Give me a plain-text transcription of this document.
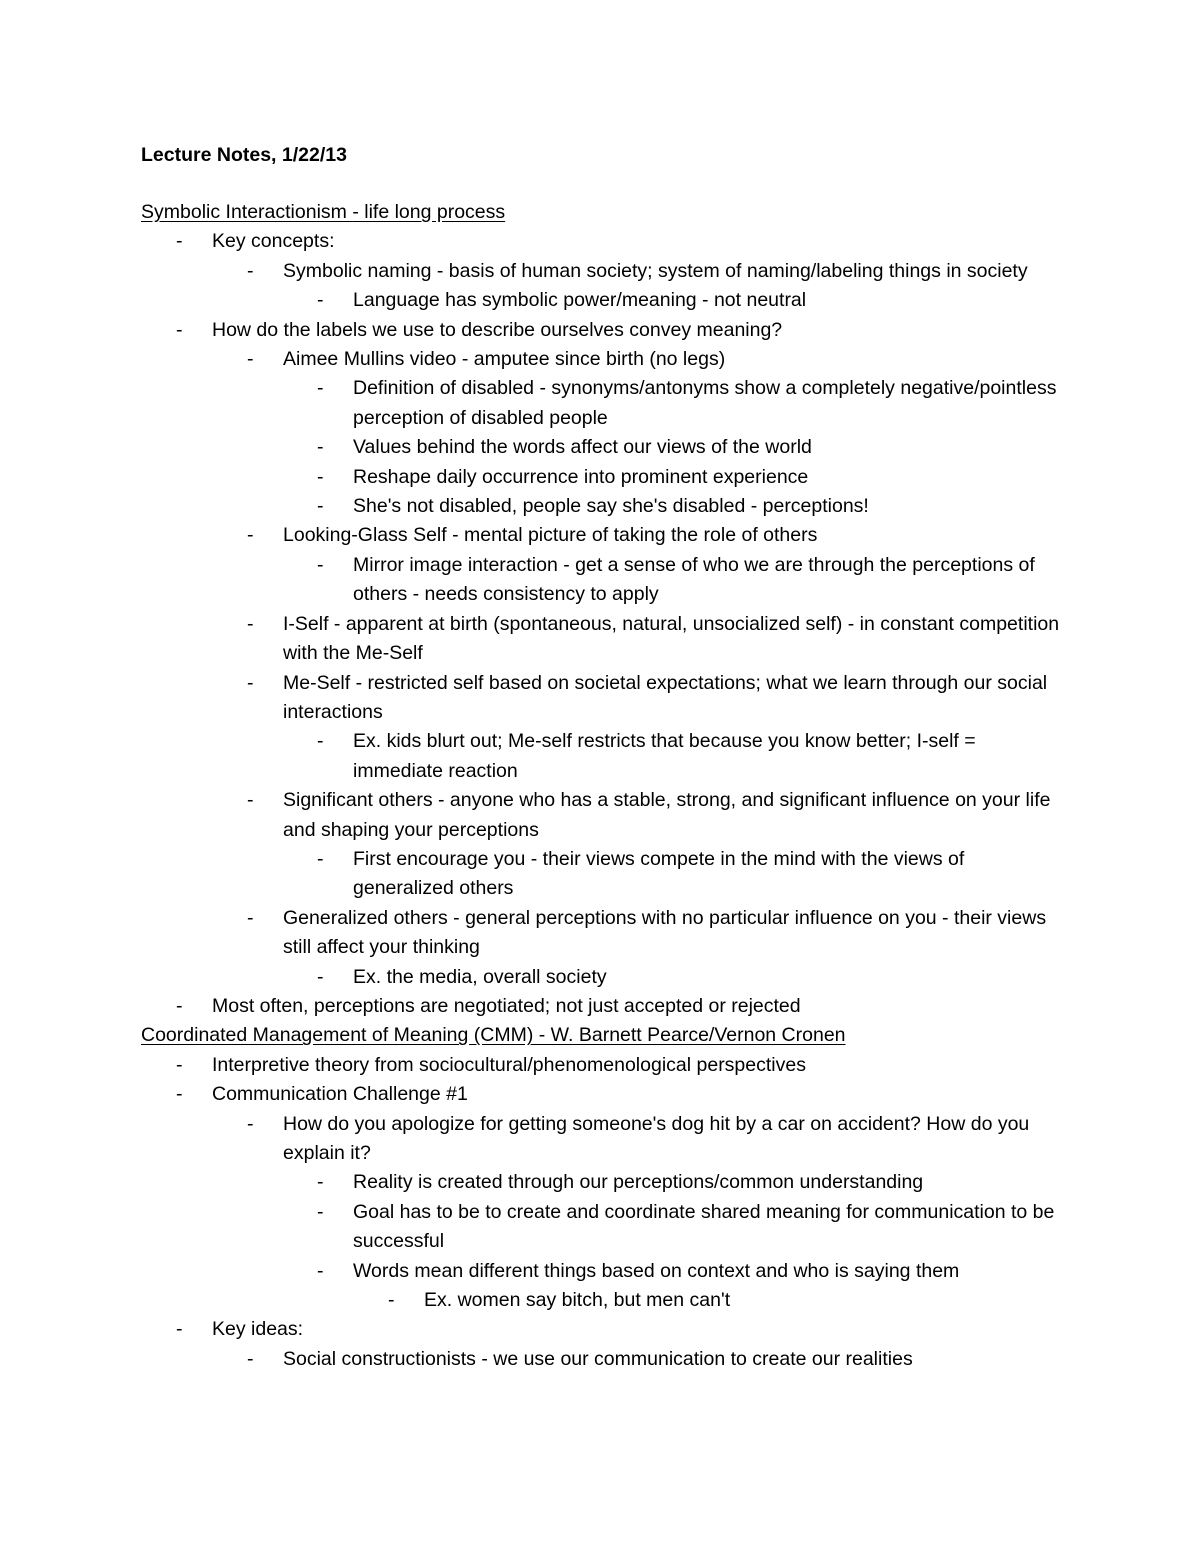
Lecture Notes, 1/22/13

Symbolic Interactionism - life long process

- Key concepts:

- Symbolic naming - basis of human society; system of naming/labeling things in society

- Language has symbolic power/meaning - not neutral

- How do the labels we use to describe ourselves convey meaning?

- Aimee Mullins video - amputee since birth (no legs)

- Definition of disabled - synonyms/antonyms show a completely negative/pointless perception of disabled people

- Values behind the words affect our views of the world

- Reshape daily occurrence into prominent experience

- She's not disabled, people say she's disabled - perceptions!

- Looking-Glass Self - mental picture of taking the role of others

- Mirror image interaction - get a sense of who we are through the perceptions of others - needs consistency to apply

- I-Self - apparent at birth (spontaneous, natural, unsocialized self) - in constant competition with the Me-Self

- Me-Self - restricted self based on societal expectations; what we learn through our social interactions

- Ex. kids blurt out; Me-self restricts that because you know better; I-self = immediate reaction

- Significant others - anyone who has a stable, strong, and significant influence on your life and shaping your perceptions

- First encourage you - their views compete in the mind with the views of generalized others

- Generalized others - general perceptions with no particular influence on you - their views still affect your thinking

- Ex. the media, overall society

- Most often, perceptions are negotiated; not just accepted or rejected

Coordinated Management of Meaning (CMM) - W. Barnett Pearce/Vernon Cronen

- Interpretive theory from sociocultural/phenomenological perspectives

- Communication Challenge #1

- How do you apologize for getting someone's dog hit by a car on accident? How do you explain it?

- Reality is created through our perceptions/common understanding

- Goal has to be to create and coordinate shared meaning for communication to be successful

- Words mean different things based on context and who is saying them

- Ex. women say bitch, but men can't

- Key ideas:

- Social constructionists - we use our communication to create our realities
